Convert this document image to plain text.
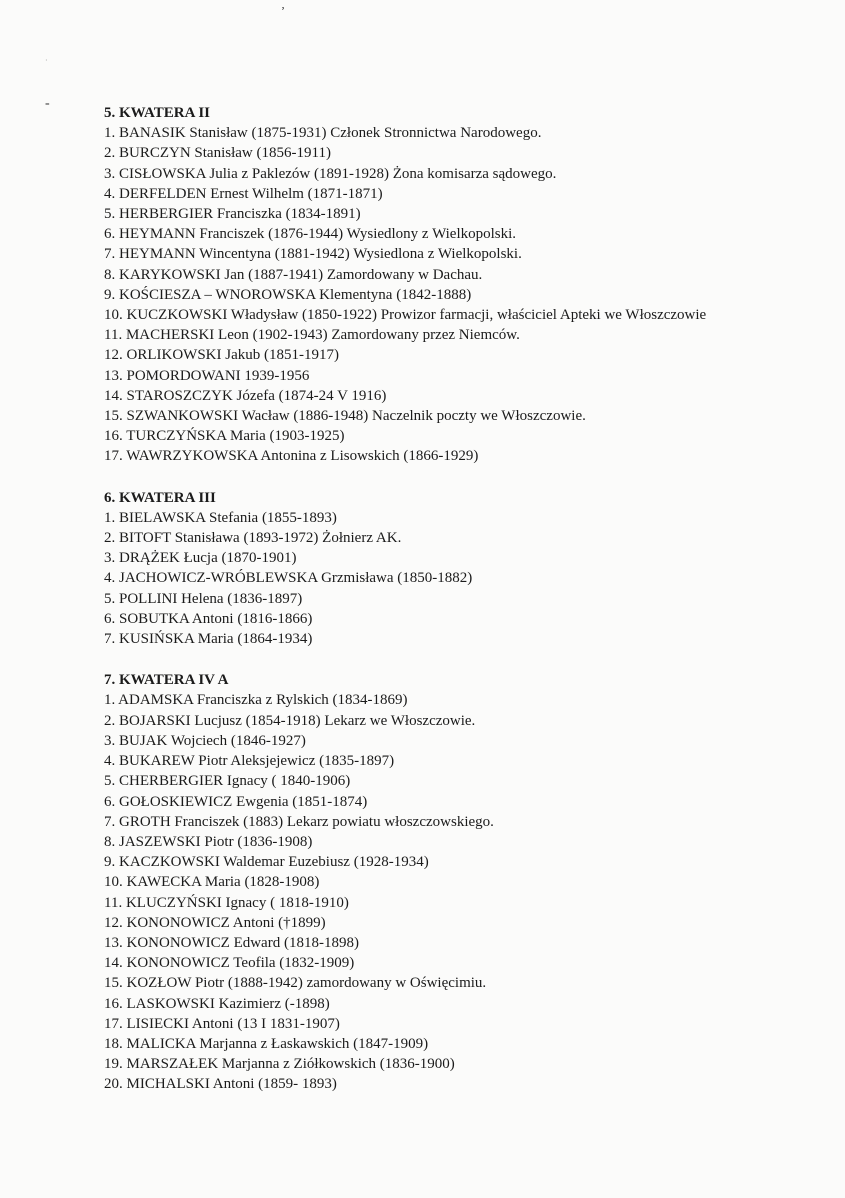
ʼ
·
-
5. KWATERA II
1. BANASIK Stanisław (1875-1931) Członek Stronnictwa Narodowego.
2. BURCZYN Stanisław (1856-1911)
3. CISŁOWSKA Julia z Paklezów (1891-1928) Żona komisarza sądowego.
4. DERFELDEN Ernest Wilhelm (1871-1871)
5. HERBERGIER Franciszka (1834-1891)
6. HEYMANN Franciszek (1876-1944) Wysiedlony z Wielkopolski.
7. HEYMANN Wincentyna (1881-1942) Wysiedlona z Wielkopolski.
8. KARYKOWSKI Jan (1887-1941) Zamordowany w Dachau.
9. KOŚCIESZA – WNOROWSKA Klementyna (1842-1888)
10. KUCZKOWSKI Władysław (1850-1922) Prowizor farmacji, właściciel Apteki we Włoszczowie
11. MACHERSKI Leon (1902-1943) Zamordowany przez Niemców.
12. ORLIKOWSKI Jakub (1851-1917)
13. POMORDOWANI 1939-1956
14. STAROSZCZYK Józefa (1874-24 V 1916)
15. SZWANKOWSKI Wacław (1886-1948) Naczelnik poczty we Włoszczowie.
16. TURCZYŃSKA Maria (1903-1925)
17. WAWRZYKOWSKA Antonina z Lisowskich (1866-1929)
6. KWATERA III
1. BIELAWSKA Stefania (1855-1893)
2. BITOFT Stanisława (1893-1972) Żołnierz AK.
3. DRĄŻEK Łucja (1870-1901)
4. JACHOWICZ-WRÓBLEWSKA Grzmisława (1850-1882)
5. POLLINI Helena (1836-1897)
6. SOBUTKA Antoni (1816-1866)
7. KUSIŃSKA Maria (1864-1934)
7. KWATERA IV A
1. ADAMSKA Franciszka z Rylskich (1834-1869)
2. BOJARSKI Lucjusz (1854-1918) Lekarz we Włoszczowie.
3. BUJAK Wojciech (1846-1927)
4. BUKAREW Piotr Aleksjejewicz (1835-1897)
5. CHERBERGIER Ignacy ( 1840-1906)
6. GOŁOSKIEWICZ Ewgenia (1851-1874)
7. GROTH Franciszek (1883) Lekarz powiatu włoszczowskiego.
8. JASZEWSKI Piotr (1836-1908)
9. KACZKOWSKI Waldemar Euzebiusz (1928-1934)
10. KAWECKA Maria (1828-1908)
11. KLUCZYŃSKI Ignacy ( 1818-1910)
12. KONONOWICZ Antoni (†1899)
13. KONONOWICZ Edward (1818-1898)
14. KONONOWICZ Teofila (1832-1909)
15. KOZŁOW Piotr (1888-1942) zamordowany w Oświęcimiu.
16. LASKOWSKI Kazimierz (-1898)
17. LISIECKI Antoni (13 I 1831-1907)
18. MALICKA Marjanna z Łaskawskich (1847-1909)
19. MARSZAŁEK Marjanna z Ziółkowskich (1836-1900)
20. MICHALSKI Antoni (1859- 1893)
